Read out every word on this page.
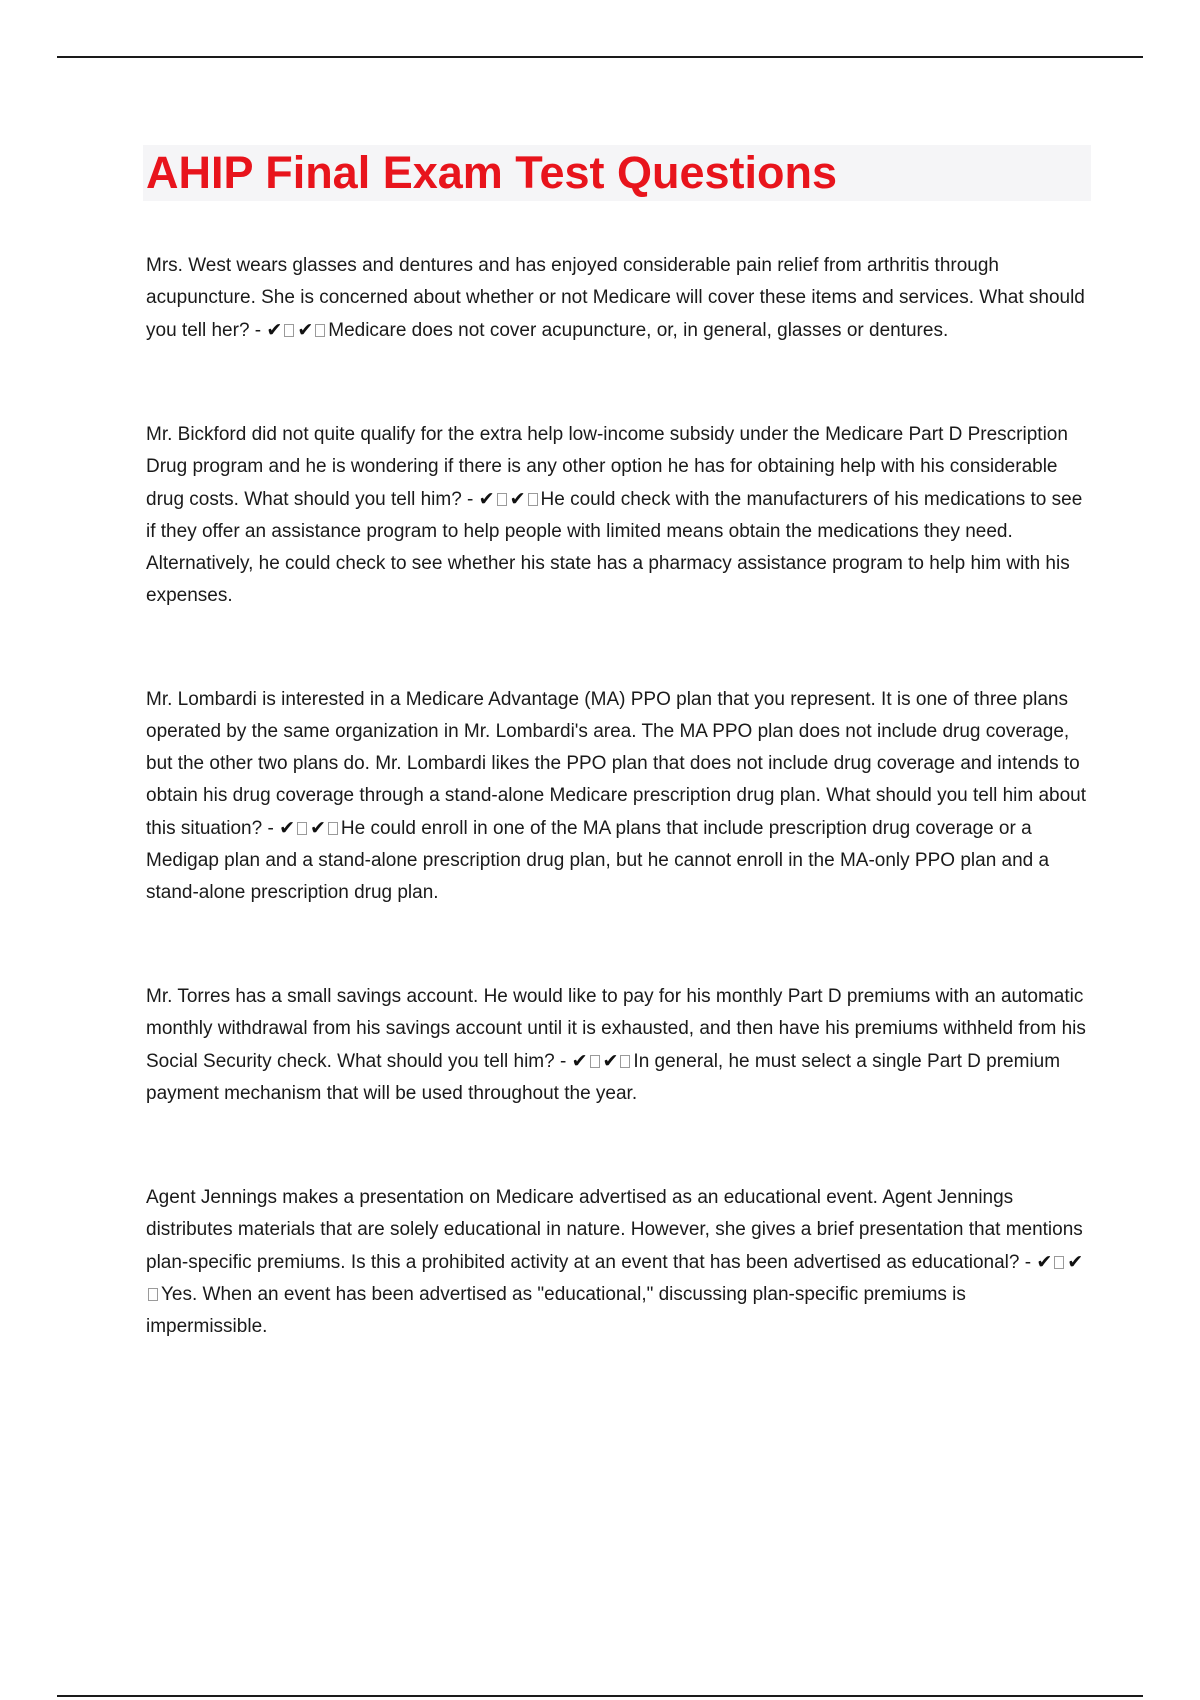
AHIP Final Exam Test Questions

Mrs. West wears glasses and dentures and has enjoyed considerable pain relief from arthritis through acupuncture. She is concerned about whether or not Medicare will cover these items and services. What should you tell her? - ✔ ✔ Medicare does not cover acupuncture, or, in general, glasses or dentures.

Mr. Bickford did not quite qualify for the extra help low-income subsidy under the Medicare Part D Prescription Drug program and he is wondering if there is any other option he has for obtaining help with his considerable drug costs. What should you tell him? - ✔ ✔ He could check with the manufacturers of his medications to see if they offer an assistance program to help people with limited means obtain the medications they need. Alternatively, he could check to see whether his state has a pharmacy assistance program to help him with his expenses.

Mr. Lombardi is interested in a Medicare Advantage (MA) PPO plan that you represent. It is one of three plans operated by the same organization in Mr. Lombardi's area. The MA PPO plan does not include drug coverage, but the other two plans do. Mr. Lombardi likes the PPO plan that does not include drug coverage and intends to obtain his drug coverage through a stand-alone Medicare prescription drug plan. What should you tell him about this situation? - ✔ ✔ He could enroll in one of the MA plans that include prescription drug coverage or a Medigap plan and a stand-alone prescription drug plan, but he cannot enroll in the MA-only PPO plan and a stand-alone prescription drug plan.

Mr. Torres has a small savings account. He would like to pay for his monthly Part D premiums with an automatic monthly withdrawal from his savings account until it is exhausted, and then have his premiums withheld from his Social Security check. What should you tell him? - ✔ ✔ In general, he must select a single Part D premium payment mechanism that will be used throughout the year.

Agent Jennings makes a presentation on Medicare advertised as an educational event. Agent Jennings distributes materials that are solely educational in nature. However, she gives a brief presentation that mentions plan-specific premiums. Is this a prohibited activity at an event that has been advertised as educational? - ✔ ✔Yes. When an event has been advertised as "educational," discussing plan-specific premiums is impermissible.
